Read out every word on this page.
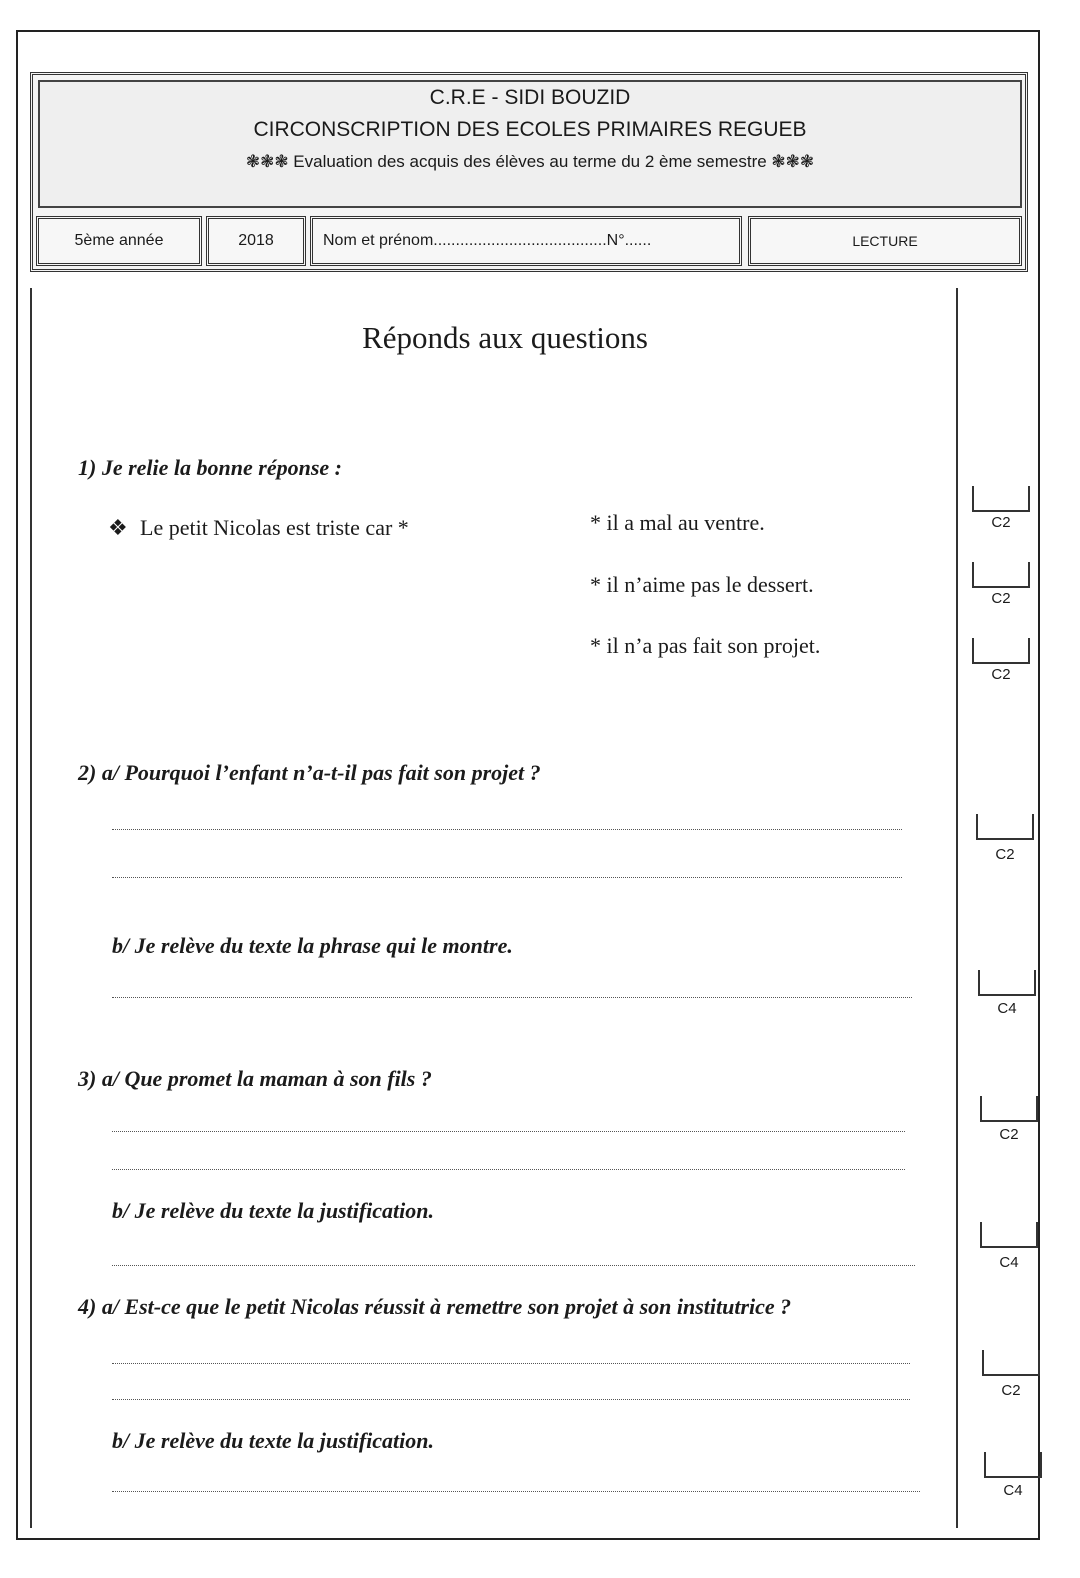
C.R.E - SIDI BOUZID
CIRCONSCRIPTION DES ECOLES PRIMAIRES REGUEB
❃❃❃ Evaluation des acquis des élèves au terme du 2 ème semestre ❃❃❃
5ème année	2018	Nom et prénom.......................................N°......	LECTURE
Réponds aux questions
1) Je relie la bonne réponse :
❖ Le petit Nicolas est triste car *	* il a mal au ventre.
* il n’aime pas le dessert.
* il n’a pas fait son projet.
2) a/ Pourquoi l’enfant n’a-t-il pas fait son projet ?
b/ Je relève du texte la phrase qui le montre.
3) a/ Que promet la maman à son fils ?
b/ Je relève du texte la justification.
4) a/ Est-ce que le petit Nicolas réussit à remettre son projet à son institutrice ?
b/ Je relève du texte la justification.
C2
C2
C2
C2
C4
C2
C4
C2
C4
